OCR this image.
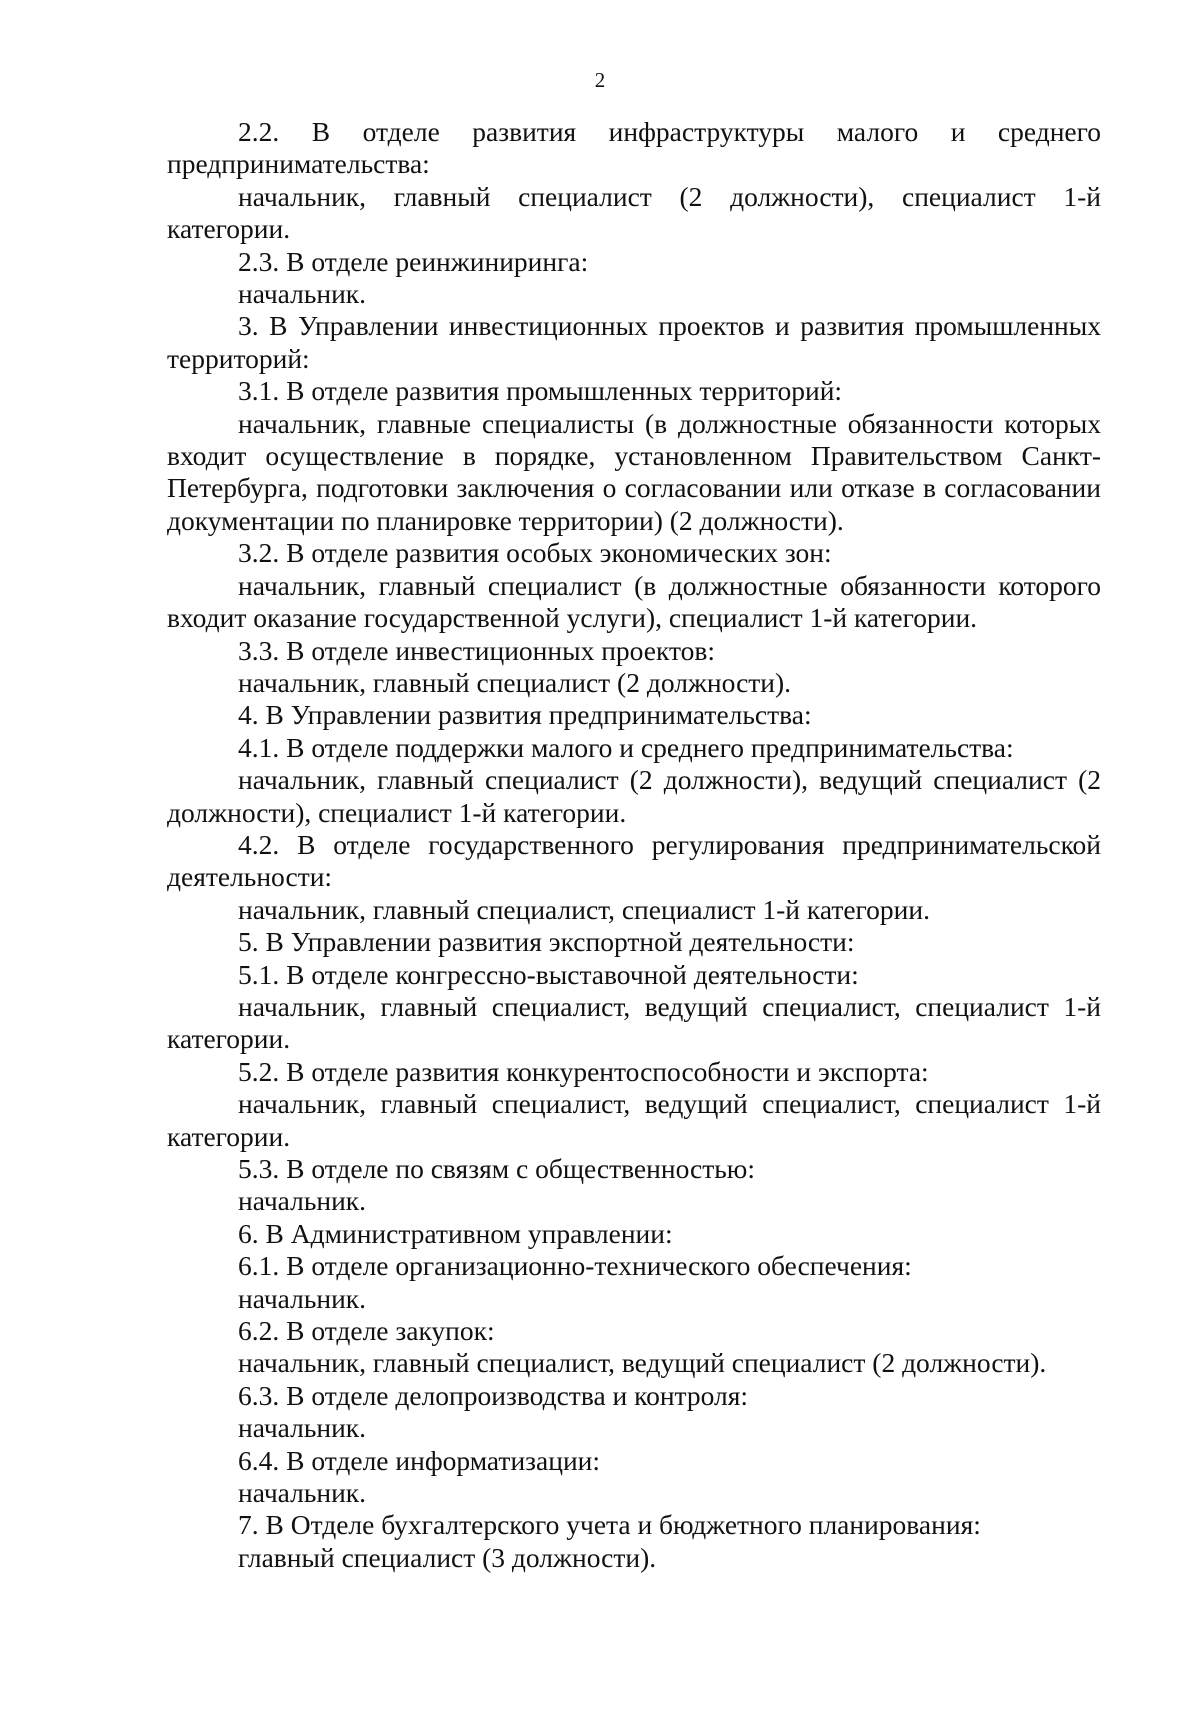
2

2.2. В отделе развития инфраструктуры малого и среднего предпринимательства:

начальник, главный специалист (2 должности), специалист 1-й категории.

2.3. В отделе реинжиниринга:

начальник.

3. В Управлении инвестиционных проектов и развития промышленных территорий:

3.1. В отделе развития промышленных территорий:

начальник, главные специалисты (в должностные обязанности которых входит осуществление в порядке, установленном Правительством Санкт-Петербурга, подготовки заключения о согласовании или отказе в согласовании документации по планировке территории) (2 должности).

3.2. В отделе развития особых экономических зон:

начальник, главный специалист (в должностные обязанности которого входит оказание государственной услуги), специалист 1-й категории.

3.3. В отделе инвестиционных проектов:

начальник, главный специалист (2 должности).

4. В Управлении развития предпринимательства:

4.1. В отделе поддержки малого и среднего предпринимательства:

начальник, главный специалист (2 должности), ведущий специалист (2 должности), специалист 1-й категории.

4.2. В отделе государственного регулирования предпринимательской деятельности:

начальник, главный специалист, специалист 1-й категории.

5. В Управлении развития экспортной деятельности:

5.1. В отделе конгрессно-выставочной деятельности:

начальник, главный специалист, ведущий специалист, специалист 1-й категории.

5.2. В отделе развития конкурентоспособности и экспорта:

начальник, главный специалист, ведущий специалист, специалист 1-й категории.

5.3. В отделе по связям с общественностью:

начальник.

6. В Административном управлении:

6.1. В отделе организационно-технического обеспечения:

начальник.

6.2. В отделе закупок:

начальник, главный специалист, ведущий специалист (2 должности).

6.3. В отделе делопроизводства и контроля:

начальник.

6.4. В отделе информатизации:

начальник.

7. В Отделе бухгалтерского учета и бюджетного планирования:

главный специалист (3 должности).
